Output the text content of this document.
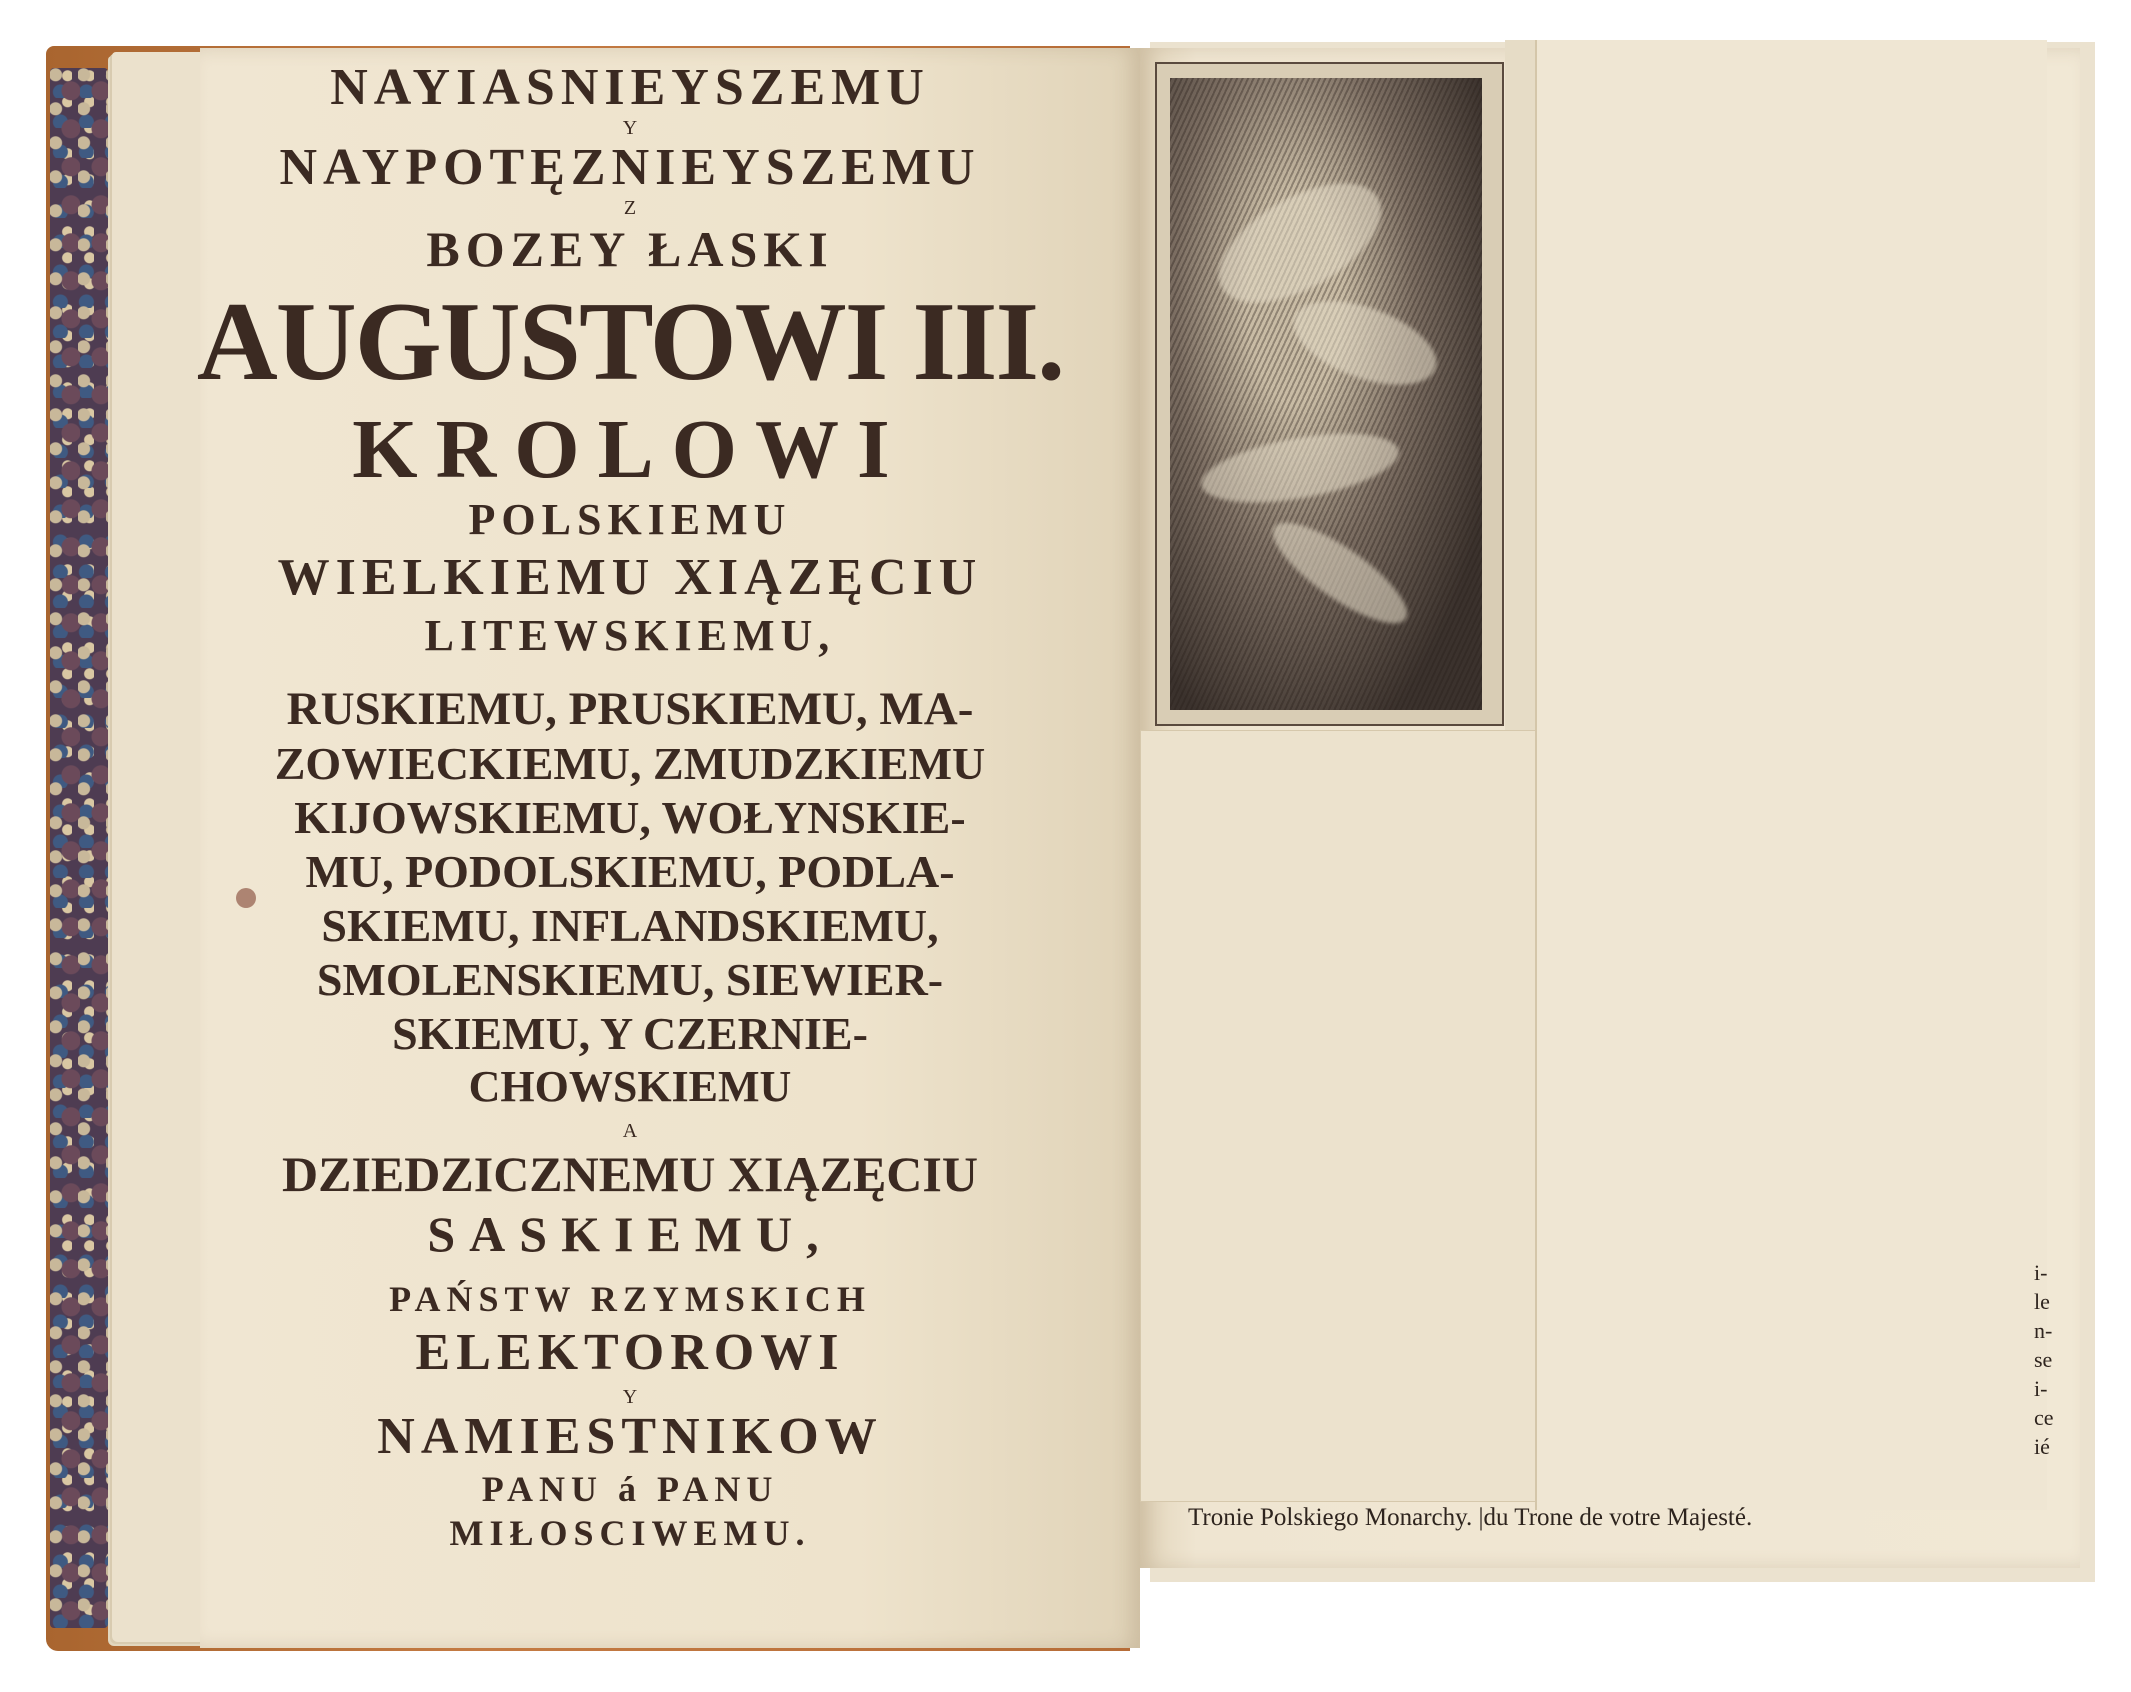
NAYIASNIEYSZEMU
Y
NAYPOTĘZNIEYSZEMU
Z
BOZEY ŁASKI
AUGUSTOWI III.
KROLOWI
POLSKIEMU
WIELKIEMU XIĄZĘCIU
LITEWSKIEMU,
RUSKIEMU, PRUSKIEMU, MA-
ZOWIECKIEMU, ZMUDZKIEMU
KIJOWSKIEMU, WOŁYNSKIE-
MU, PODOLSKIEMU, PODLA-
SKIEMU, INFLANDSKIEMU,
SMOLENSKIEMU, SIEWIER-
SKIEMU, Y CZERNIE-
CHOWSKIEMU
A
DZIEDZICZNEMU XIĄZĘCIU
SASKIEMU,
PAŃSTW RZYMSKICH
ELEKTOROWI
Y
NAMIESTNIKOW
PANU á PANU
MIŁOSCIWEMU.	Tronie Polskiego Monarchy. |du Trone de votre Majesté.
i-
le
n-
se
i-
ce
ié
